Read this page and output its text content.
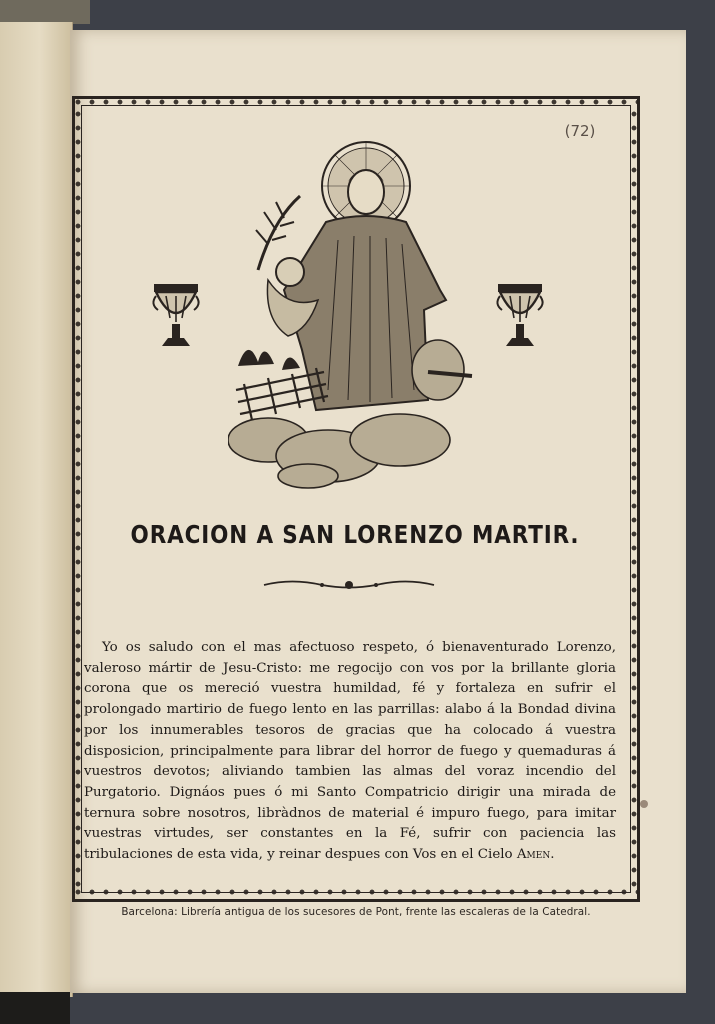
(72)
ORACION A SAN LORENZO MARTIR.

Yo os saludo con el mas afectuoso respeto, ó bienaventurado Lorenzo, valeroso mártir de Jesu-Cristo: me regocijo con vos por la brillante gloria corona que os mereció vuestra humildad, fé y fortaleza en sufrir el prolongado martirio de fuego lento en las parrillas: alabo á la Bondad divina por los innumerables tesoros de gracias que ha colocado á vuestra disposicion, principalmente para librar del horror de fuego y quemaduras á vuestros devotos; aliviando tambien las almas del voraz incendio del Purgatorio. Dignáos pues ó mi Santo Compatricio dirigir una mirada de ternura sobre nosotros, libràdnos de material é impuro fuego, para imitar vuestras virtudes, ser constantes en la Fé, sufrir con paciencia las tribulaciones de esta vida, y reinar despues con Vos en el Cielo Amen.

Barcelona: Librería antigua de los sucesores de Pont, frente las escaleras de la Catedral.
